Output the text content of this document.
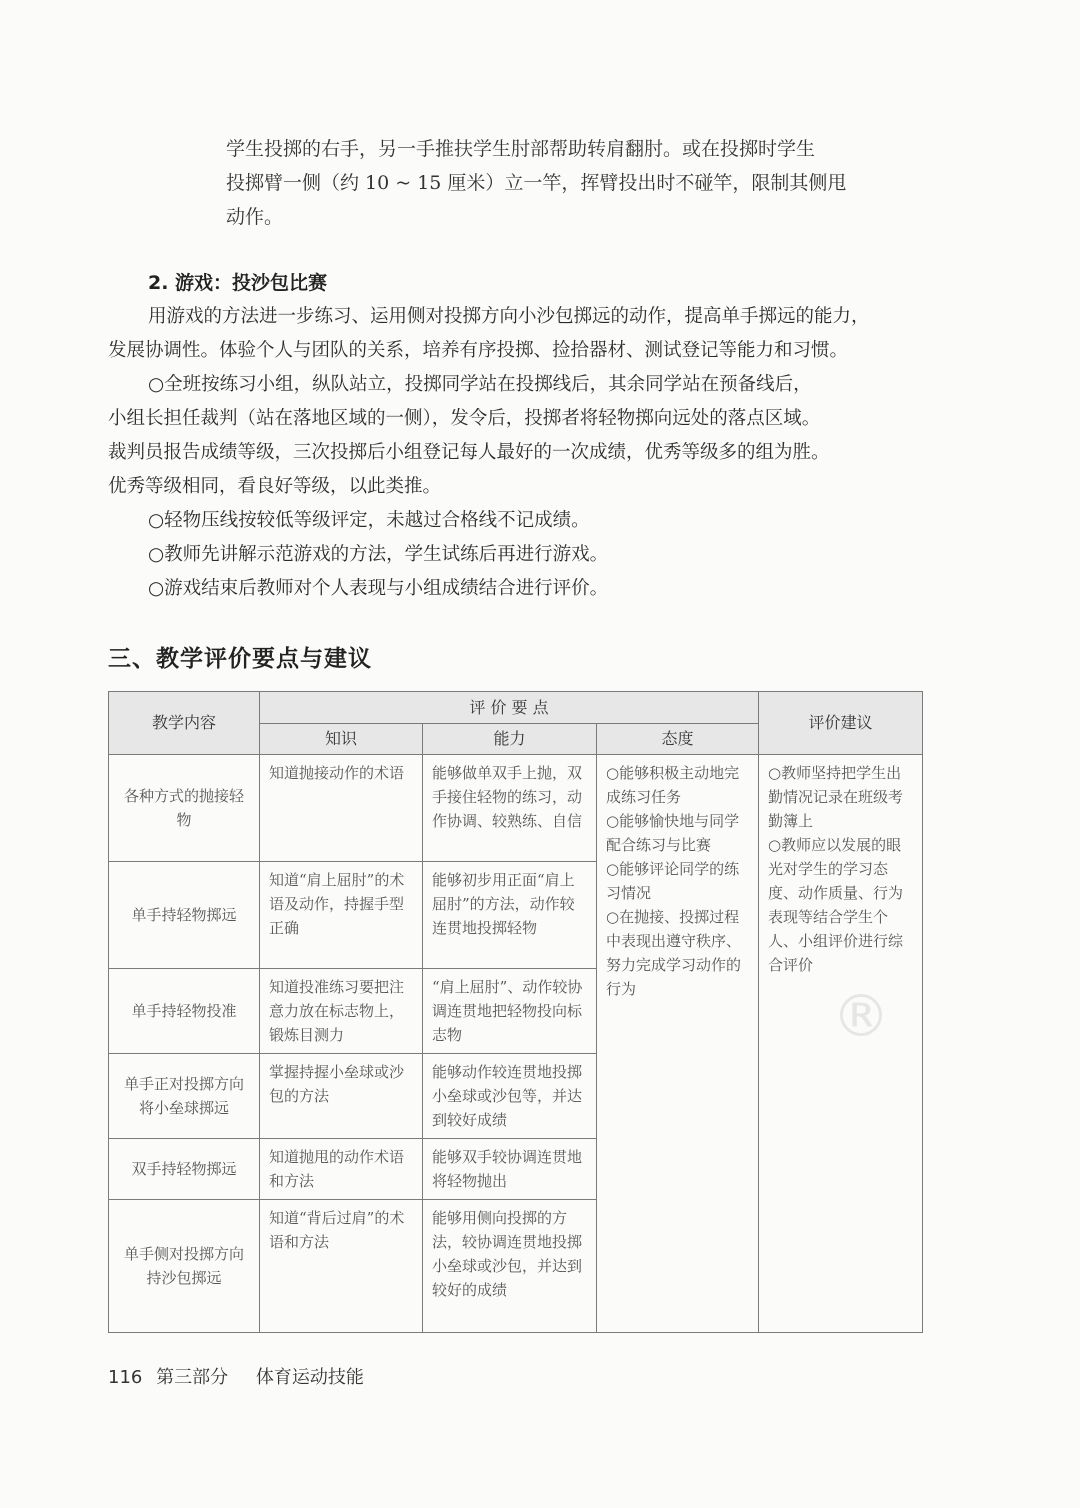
学生投掷的右手，另一手推扶学生肘部帮助转肩翻肘。或在投掷时学生

投掷臂一侧（约 10 ~ 15 厘米）立一竿，挥臂投出时不碰竿，限制其侧甩

动作。

2. 游戏：投沙包比赛

用游戏的方法进一步练习、运用侧对投掷方向小沙包掷远的动作，提高单手掷远的能力，

发展协调性。体验个人与团队的关系，培养有序投掷、捡拾器材、测试登记等能力和习惯。

○全班按练习小组，纵队站立，投掷同学站在投掷线后，其余同学站在预备线后，

小组长担任裁判（站在落地区域的一侧），发令后，投掷者将轻物掷向远处的落点区域。

裁判员报告成绩等级，三次投掷后小组登记每人最好的一次成绩，优秀等级多的组为胜。

优秀等级相同，看良好等级，以此类推。

○轻物压线按较低等级评定，未越过合格线不记成绩。

○教师先讲解示范游戏的方法，学生试练后再进行游戏。

○游戏结束后教师对个人表现与小组成绩结合进行评价。

三、教学评价要点与建议
®
教学内容	评 价 要 点			评价建议
	知识	能力	态度	
各种方式的抛接轻物	知道抛接动作的术语	能够做单双手上抛，双手接住轻物的练习，动作协调、较熟练、自信	○能够积极主动地完成练习任务
○能够愉快地与同学配合练习与比赛
○能够评论同学的练习情况
○在抛接、投掷过程中表现出遵守秩序、努力完成学习动作的行为	○教师坚持把学生出勤情况记录在班级考勤簿上
○教师应以发展的眼光对学生的学习态度、动作质量、行为表现等结合学生个人、小组评价进行综合评价
单手持轻物掷远	知道“肩上屈肘”的术语及动作，持握手型正确	能够初步用正面“肩上屈肘”的方法，动作较连贯地投掷轻物		
单手持轻物投准	知道投准练习要把注意力放在标志物上，锻炼目测力	“肩上屈肘”、动作较协调连贯地把轻物投向标志物		
单手正对投掷方向将小垒球掷远	掌握持握小垒球或沙包的方法	能够动作较连贯地投掷小垒球或沙包等，并达到较好成绩		
双手持轻物掷远	知道抛甩的动作术语和方法	能够双手较协调连贯地将轻物抛出		
单手侧对投掷方向持沙包掷远	知道“背后过肩”的术语和方法	能够用侧向投掷的方法，较协调连贯地投掷小垒球或沙包，并达到较好的成绩		
116 第三部分 体育运动技能
